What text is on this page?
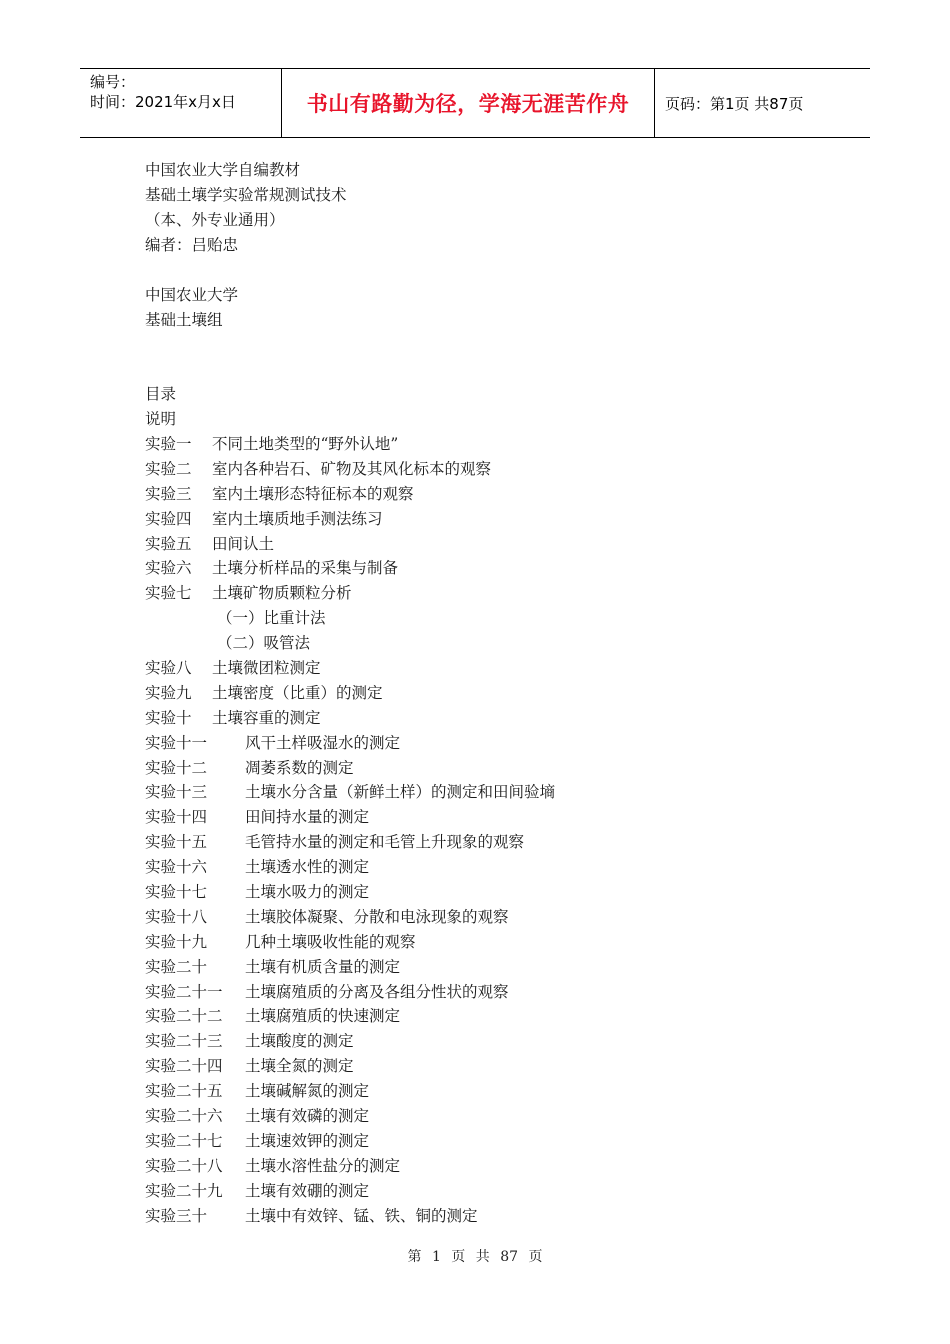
编号：
时间：2021年x月x日	书山有路勤为径，学海无涯苦作舟	页码：第1页 共87页
中国农业大学自编教材
基础土壤学实验常规测试技术
（本、外专业通用）
编者：吕贻忠
中国农业大学
基础土壤组
目录
说明
实验一	不同土地类型的“野外认地”
实验二	室内各种岩石、矿物及其风化标本的观察
实验三	室内土壤形态特征标本的观察
实验四	室内土壤质地手测法练习
实验五	田间认土
实验六	土壤分析样品的采集与制备
实验七	土壤矿物质颗粒分析
（一）比重计法
（二）吸管法
实验八	土壤微团粒测定
实验九	土壤密度（比重）的测定
实验十	土壤容重的测定
实验十一	风干土样吸湿水的测定
实验十二	凋萎系数的测定
实验十三	土壤水分含量（新鲜土样）的测定和田间验墒
实验十四	田间持水量的测定
实验十五	毛管持水量的测定和毛管上升现象的观察
实验十六	土壤透水性的测定
实验十七	土壤水吸力的测定
实验十八	土壤胶体凝聚、分散和电泳现象的观察
实验十九	几种土壤吸收性能的观察
实验二十	土壤有机质含量的测定
实验二十一	土壤腐殖质的分离及各组分性状的观察
实验二十二	土壤腐殖质的快速测定
实验二十三	土壤酸度的测定
实验二十四	土壤全氮的测定
实验二十五	土壤碱解氮的测定
实验二十六	土壤有效磷的测定
实验二十七	土壤速效钾的测定
实验二十八	土壤水溶性盐分的测定
实验二十九	土壤有效硼的测定
实验三十	土壤中有效锌、锰、铁、铜的测定
第 1 页 共 87 页
